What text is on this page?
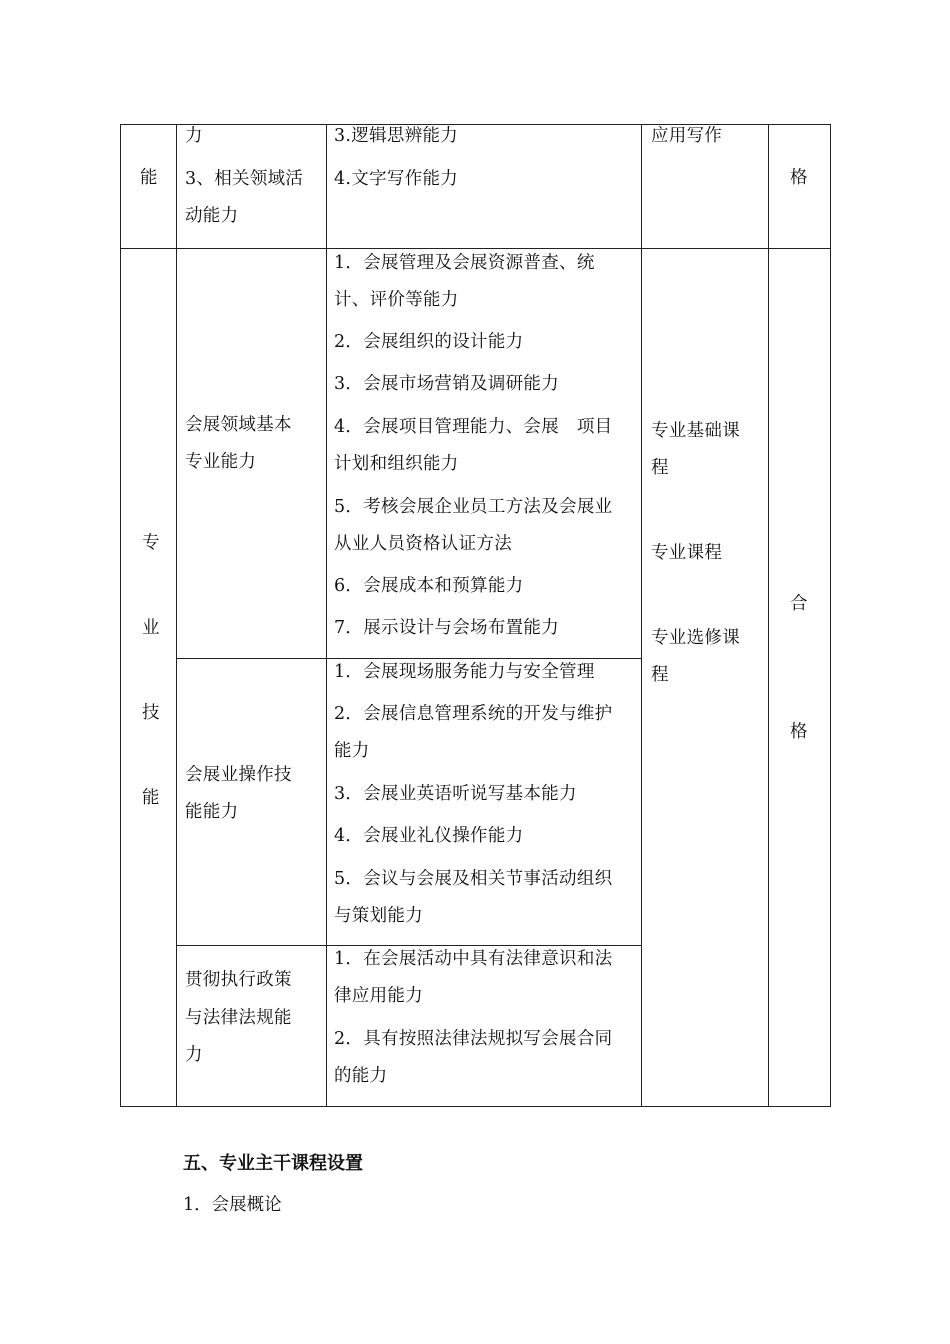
能
力
3、相关领域活
动能力
3.逻辑思辨能力
4.文字写作能力
应用写作
格
专
业
技
能
会展领域基本
专业能力
1．会展管理及会展资源普查、统
计、评价等能力
2．会展组织的设计能力
3．会展市场营销及调研能力
4．会展项目管理能力、会展　项目
计划和组织能力
5．考核会展企业员工方法及会展业
从业人员资格认证方法
6．会展成本和预算能力
7．展示设计与会场布置能力
会展业操作技
能能力
1．会展现场服务能力与安全管理
2．会展信息管理系统的开发与维护
能力
3．会展业英语听说写基本能力
4．会展业礼仪操作能力
5．会议与会展及相关节事活动组织
与策划能力
贯彻执行政策
与法律法规能
力
1．在会展活动中具有法律意识和法
律应用能力
2．具有按照法律法规拟写会展合同
的能力
专业基础课
程
专业课程
专业选修课
程
合
格
五、专业主干课程设置
1．会展概论
